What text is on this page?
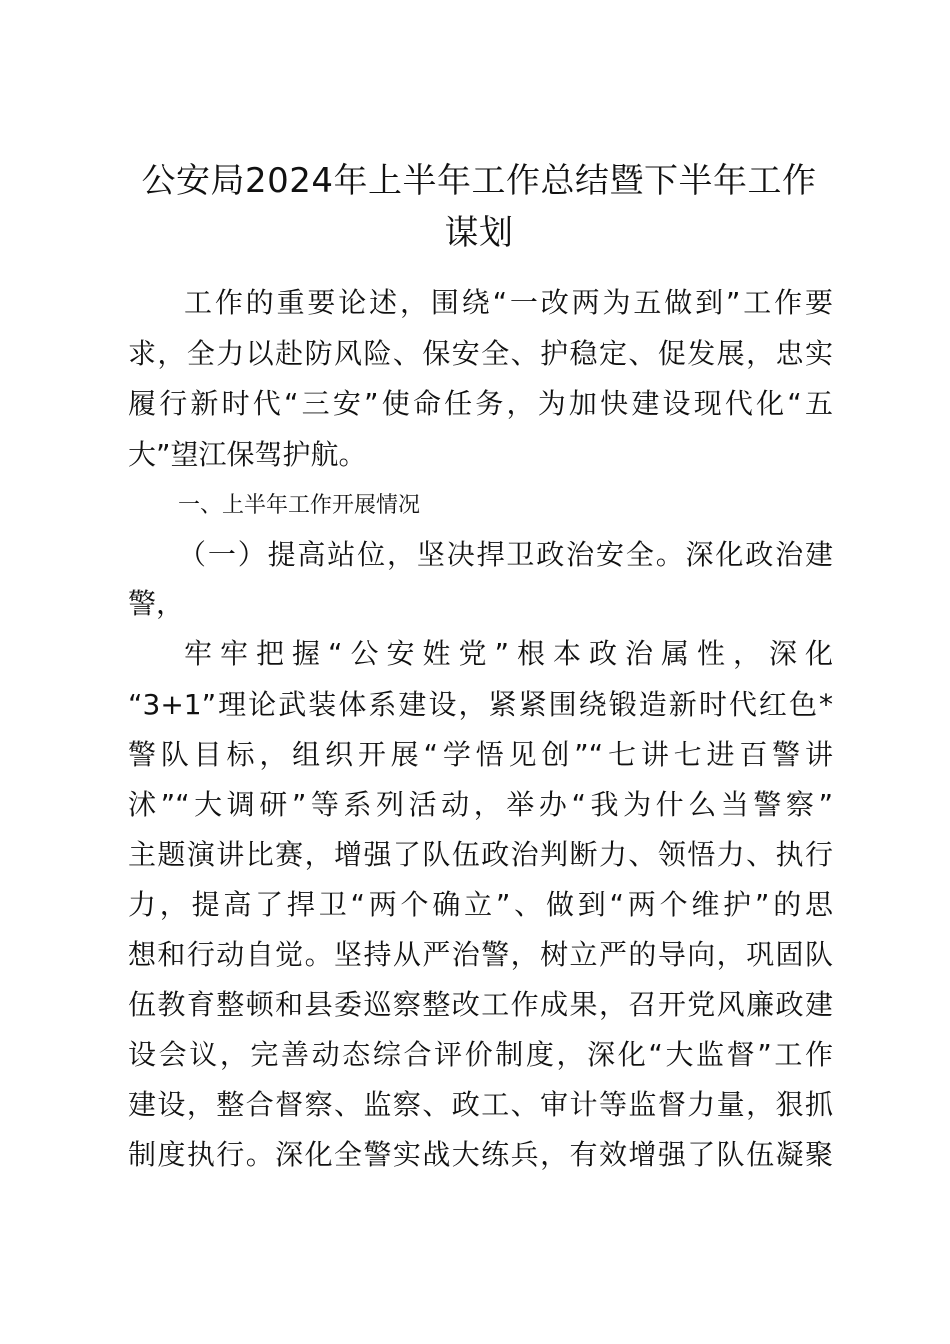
公安局2024年上半年工作总结暨下半年工作
谋划
工作的重要论述，围绕“一改两为五做到”工作要
求，全力以赴防风险、保安全、护稳定、促发展，忠实
履行新时代“三安”使命任务，为加快建设现代化“五
大”望江保驾护航。
一、上半年工作开展情况
（一）提高站位，坚决捍卫政治安全。深化政治建
警，
牢牢把握“公安姓党”根本政治属性，深化
“3+1”理论武装体系建设，紧紧围绕锻造新时代红色*
警队目标，组织开展“学悟见创”“七讲七进百警讲
沭”“大调研”等系列活动，举办“我为什么当警察”
主题演讲比赛，增强了队伍政治判断力、领悟力、执行
力，提高了捍卫“两个确立”、做到“两个维护”的思
想和行动自觉。坚持从严治警，树立严的导向，巩固队
伍教育整顿和县委巡察整改工作成果，召开党风廉政建
设会议，完善动态综合评价制度，深化“大监督”工作
建设，整合督察、监察、政工、审计等监督力量，狠抓
制度执行。深化全警实战大练兵，有效增强了队伍凝聚
